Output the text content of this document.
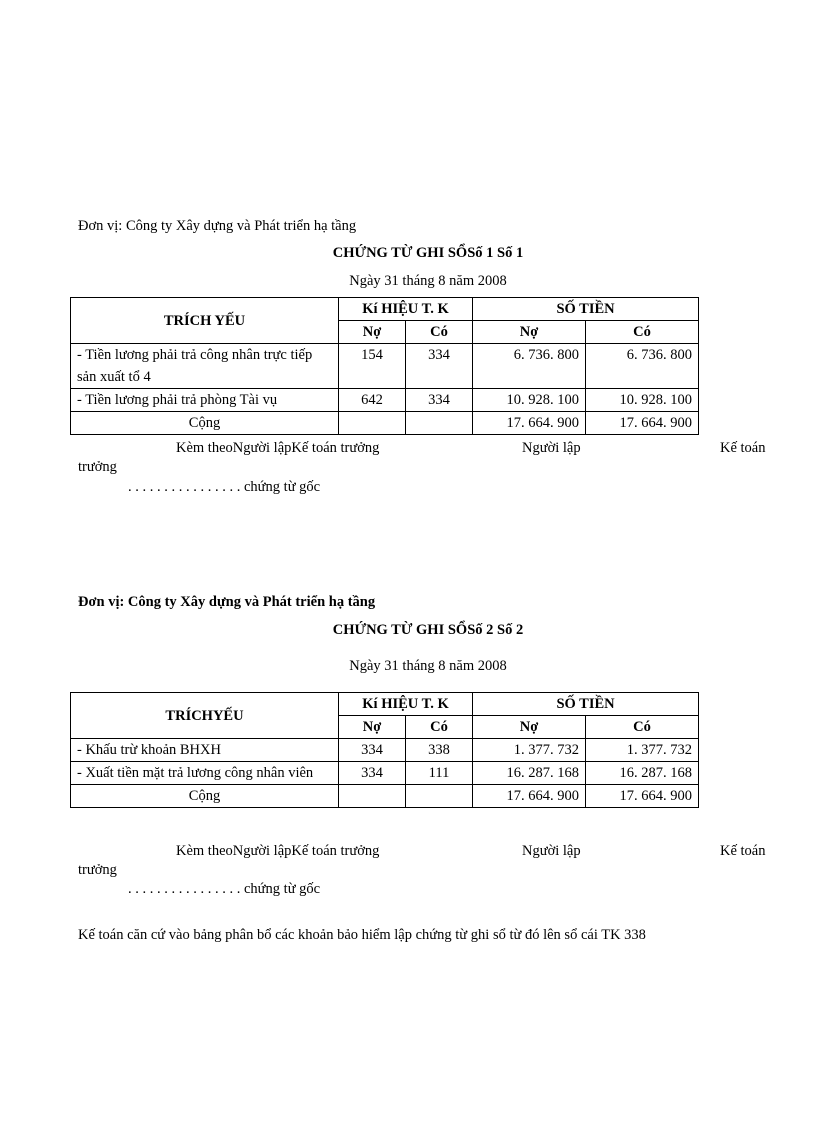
Đơn vị: Công ty Xây dựng và Phát triển hạ tầng
CHỨNG TỪ GHI SỔSố 1 Số 1
Ngày 31 tháng 8 năm 2008
TRÍCH YẾU	Kí HIỆU T. K		SỐ TIỀN	
	Nợ	Có	Nợ	Có
- Tiền lương phải trả công nhân trực tiếp sản xuất tổ 4	154	334	6. 736. 800	6. 736. 800
- Tiền lương phải trả phòng Tài vụ	642	334	10. 928. 100	10. 928. 100
Cộng			17. 664. 900	17. 664. 900
Kèm theoNgười lậpKế toán trưởng	Người lập	Kế toán
trưởng
. . . . . . . . . . . . . . . . chứng từ gốc
Đơn vị: Công ty Xây dựng và Phát triển hạ tầng
CHỨNG TỪ GHI SỔSố 2 Số 2
Ngày 31 tháng 8 năm 2008
TRÍCHYẾU	Kí HIỆU T. K		SỐ TIỀN	
	Nợ	Có	Nợ	Có
- Khấu trừ khoản BHXH	334	338	1. 377. 732	1. 377. 732
- Xuất tiền mặt trả lương công nhân viên	334	111	16. 287. 168	16. 287. 168
Cộng			17. 664. 900	17. 664. 900
Kèm theoNgười lậpKế toán trưởng	Người lập	Kế toán
trưởng
. . . . . . . . . . . . . . . . chứng từ gốc
Kế toán căn cứ vào bảng phân bổ các khoản bảo hiểm lập chứng từ ghi sổ từ đó lên sổ cái TK 338
